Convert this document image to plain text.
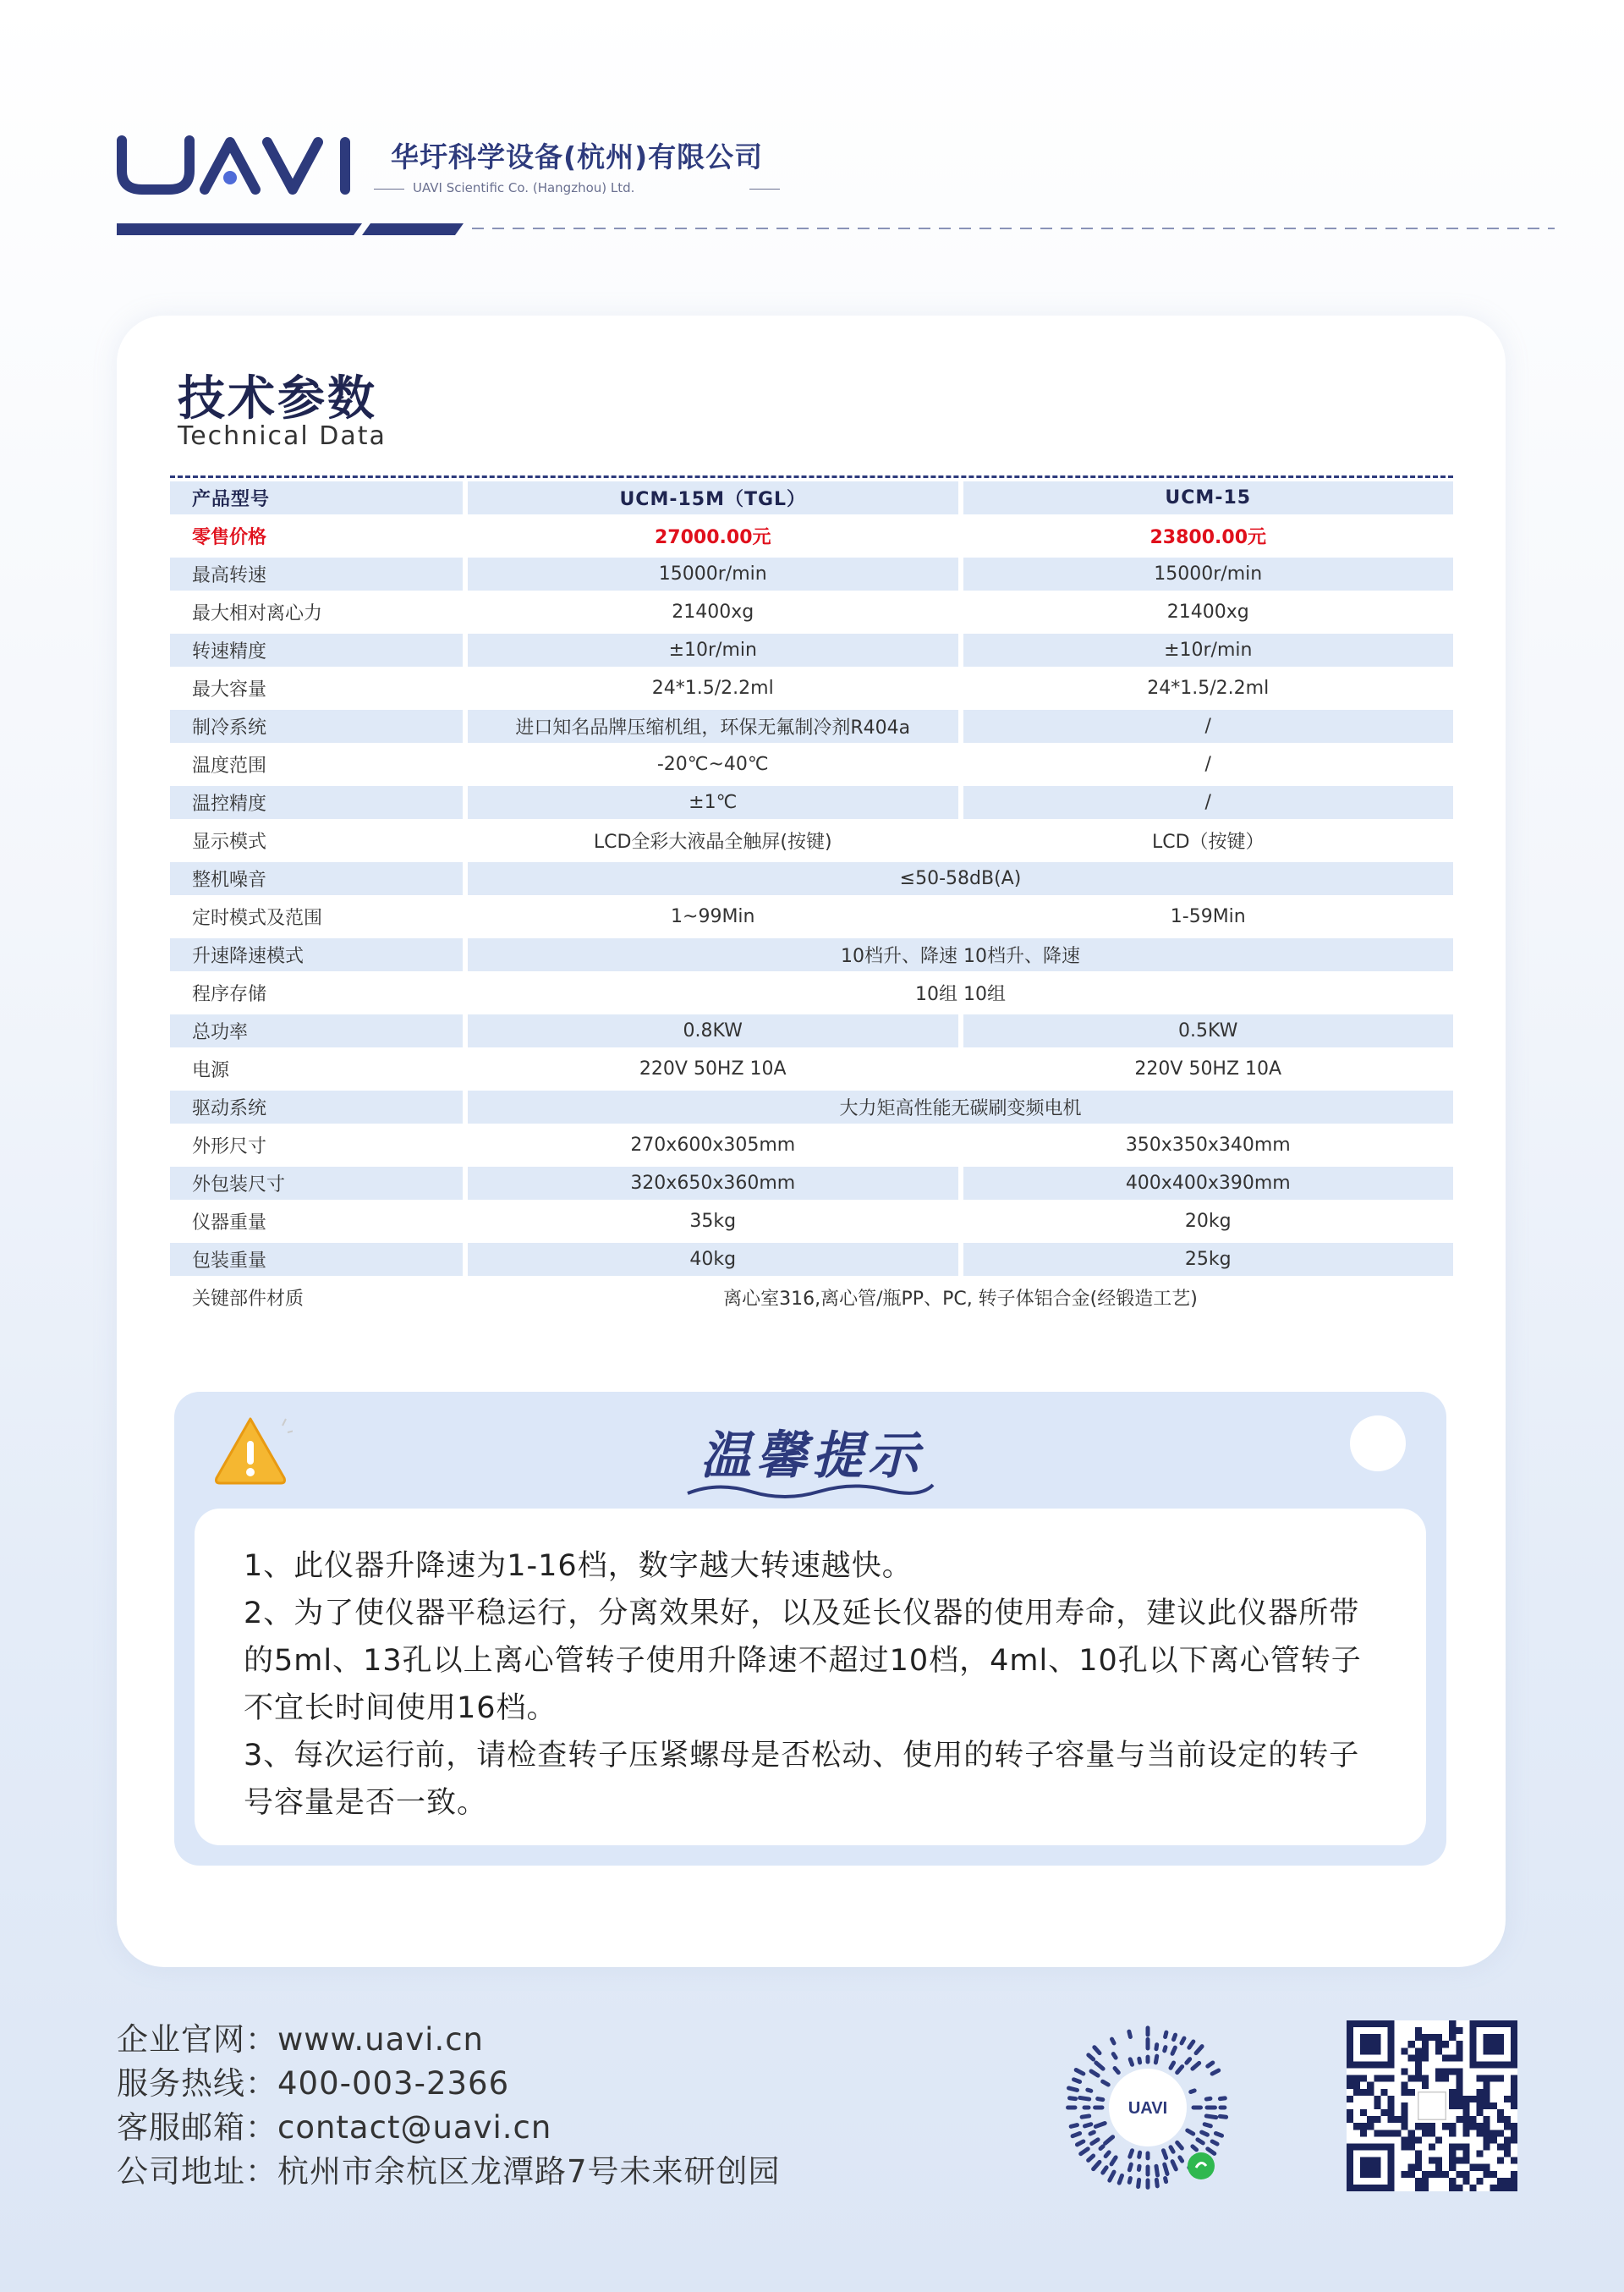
华圩科学设备(杭州)有限公司
UAVI Scientific Co. (Hangzhou) Ltd.
技术参数
Technical Data
产品型号	UCM-15M（TGL）	UCM-15
零售价格	27000.00元	23800.00元
最高转速	15000r/min	15000r/min
最大相对离心力	21400xg	21400xg
转速精度	±10r/min	±10r/min
最大容量	24*1.5/2.2ml	24*1.5/2.2ml
制冷系统	进口知名品牌压缩机组，环保无氟制冷剂R404a	/
温度范围	-20℃~40℃	/
温控精度	±1℃	/
显示模式	LCD全彩大液晶全触屏(按键)	LCD（按键）
整机噪音	≤50-58dB(A)	
定时模式及范围	1~99Min	1-59Min
升速降速模式	10档升、降速 10档升、降速	
程序存储	10组 10组	
总功率	0.8KW	0.5KW
电源	220V 50HZ 10A	220V 50HZ 10A
驱动系统	大力矩高性能无碳刷变频电机	
外形尺寸	270x600x305mm	350x350x340mm
外包装尺寸	320x650x360mm	400x400x390mm
仪器重量	35kg	20kg
包装重量	40kg	25kg
关键部件材质	离心室316,离心管/瓶PP、PC, 转子体铝合金(经锻造工艺)	
温馨提示

1、此仪器升降速为1-16档，数字越大转速越快。

2、为了使仪器平稳运行，分离效果好，以及延长仪器的使用寿命，建议此仪器所带的5ml、13孔以上离心管转子使用升降速不超过10档，4ml、10孔以下离心管转子不宜长时间使用16档。

3、每次运行前，请检查转子压紧螺母是否松动、使用的转子容量与当前设定的转子号容量是否一致。

企业官网：www.uavi.cn
服务热线：400-003-2366
客服邮箱：contact@uavi.cn
公司地址：杭州市余杭区龙潭路7号未来研创园
UAVI
